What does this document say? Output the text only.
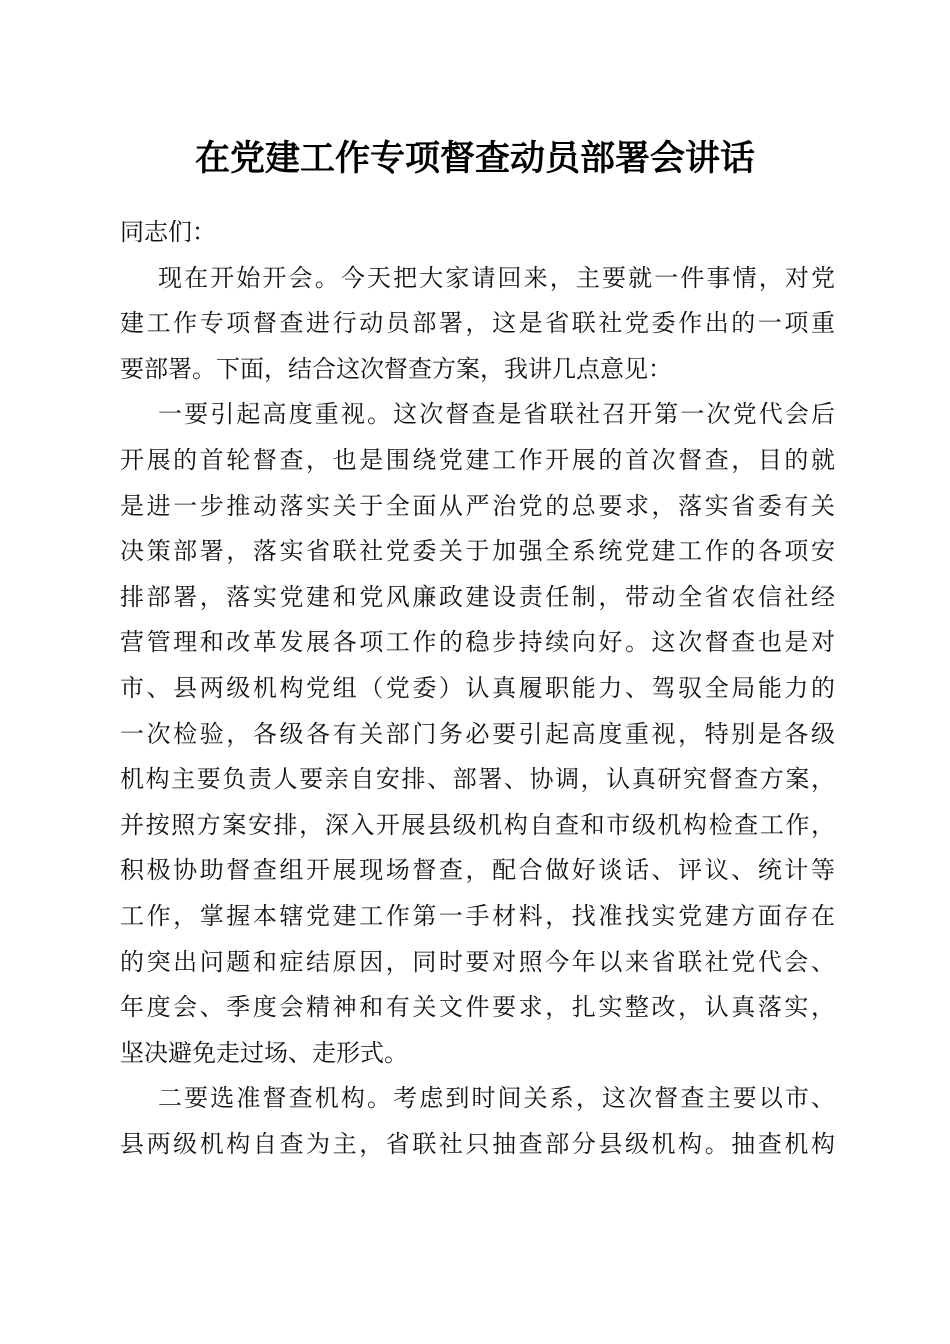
在党建工作专项督查动员部署会讲话

同志们：

现在开始开会。今天把大家请回来，主要就一件事情，对党
建工作专项督查进行动员部署，这是省联社党委作出的一项重
要部署。下面，结合这次督查方案，我讲几点意见：

一要引起高度重视。这次督查是省联社召开第一次党代会后
开展的首轮督查，也是围绕党建工作开展的首次督查，目的就
是进一步推动落实关于全面从严治党的总要求，落实省委有关
决策部署，落实省联社党委关于加强全系统党建工作的各项安
排部署，落实党建和党风廉政建设责任制，带动全省农信社经
营管理和改革发展各项工作的稳步持续向好。这次督查也是对
市、县两级机构党组（党委）认真履职能力、驾驭全局能力的
一次检验，各级各有关部门务必要引起高度重视，特别是各级
机构主要负责人要亲自安排、部署、协调，认真研究督查方案，
并按照方案安排，深入开展县级机构自查和市级机构检查工作，
积极协助督查组开展现场督查，配合做好谈话、评议、统计等
工作，掌握本辖党建工作第一手材料，找准找实党建方面存在
的突出问题和症结原因，同时要对照今年以来省联社党代会、
年度会、季度会精神和有关文件要求，扎实整改，认真落实，
坚决避免走过场、走形式。

二要选准督查机构。考虑到时间关系，这次督查主要以市、
县两级机构自查为主，省联社只抽查部分县级机构。抽查机构
